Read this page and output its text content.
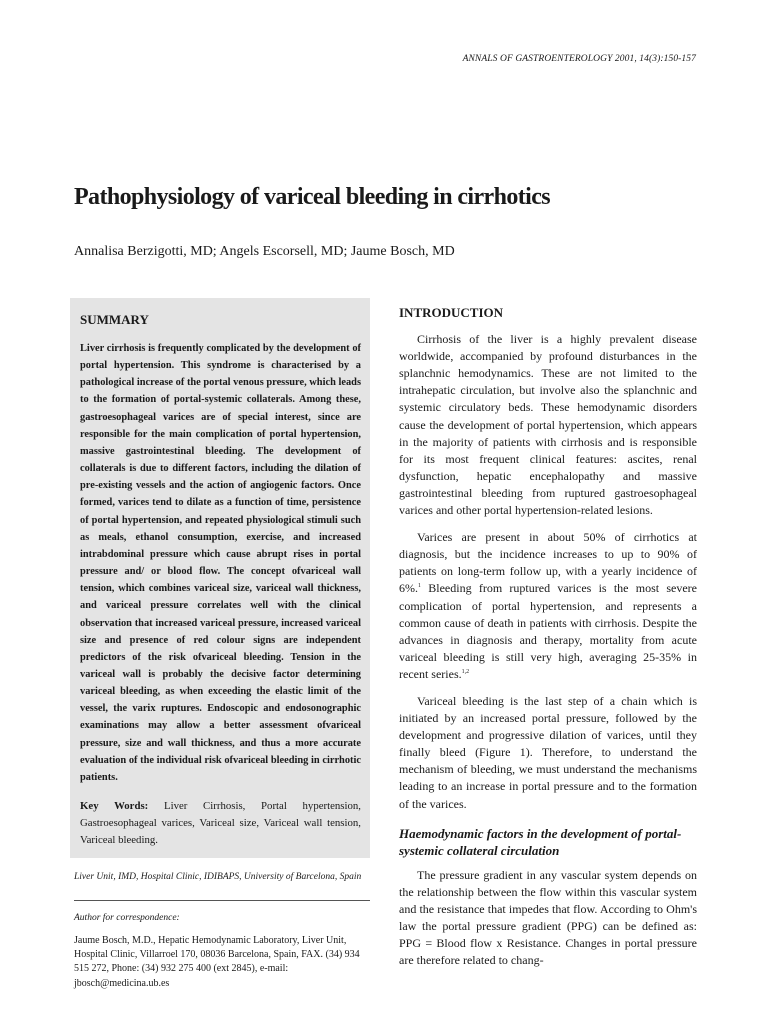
ANNALS OF GASTROENTEROLOGY 2001, 14(3):150-157
Pathophysiology of variceal bleeding in cirrhotics
Annalisa Berzigotti, MD; Angels Escorsell, MD; Jaume Bosch, MD
SUMMARY

Liver cirrhosis is frequently complicated by the development of portal hypertension. This syndrome is characterised by a pathological increase of the portal venous pressure, which leads to the formation of portal-systemic collaterals. Among these, gastroesophageal varices are of special interest, since are responsible for the main complication of portal hypertension, massive gastrointestinal bleeding. The development of collaterals is due to different factors, including the dilation of pre-existing vessels and the action of angiogenic factors. Once formed, varices tend to dilate as a function of time, persistence of portal hypertension, and repeated physiological stimuli such as meals, ethanol consumption, exercise, and increased intrabdominal pressure which cause abrupt rises in portal pressure and/ or blood flow. The concept ofvariceal wall tension, which combines variceal size, variceal wall thickness, and variceal pressure correlates well with the clinical observation that increased variceal pressure, increased variceal size and presence of red colour signs are independent predictors of the risk ofvariceal bleeding. Tension in the variceal wall is probably the decisive factor determining variceal bleeding, as when exceeding the elastic limit of the vessel, the varix ruptures. Endoscopic and endosonographic examinations may allow a better assessment ofvariceal pressure, size and wall thickness, and thus a more accurate evaluation of the individual risk ofvariceal bleeding in cirrhotic patients.

Key Words: Liver Cirrhosis, Portal hypertension, Gastroesophageal varices, Variceal size, Variceal wall tension, Variceal bleeding.

Liver Unit, IMD, Hospital Clinic, IDIBAPS, University of Barcelona, Spain

Author for correspondence:

Jaume Bosch, M.D., Hepatic Hemodynamic Laboratory, Liver Unit, Hospital Clinic, Villarroel 170, 08036 Barcelona, Spain, FAX. (34) 934 515 272, Phone: (34) 932 275 400 (ext 2845), e-mail: jbosch@medicina.ub.es

INTRODUCTION

Cirrhosis of the liver is a highly prevalent disease worldwide, accompanied by profound disturbances in the splanchnic hemodynamics. These are not limited to the intrahepatic circulation, but involve also the splanchnic and systemic circulatory beds. These hemodynamic disorders cause the development of portal hypertension, which appears in the majority of patients with cirrhosis and is responsible for its most frequent clinical features: ascites, renal dysfunction, hepatic encephalopathy and massive gastrointestinal bleeding from ruptured gastroesophageal varices and other portal hypertension-related lesions.

Varices are present in about 50% of cirrhotics at diagnosis, but the incidence increases to up to 90% of patients on long-term follow up, with a yearly incidence of 6%.$^1$ Bleeding from ruptured varices is the most severe complication of portal hypertension, and represents a common cause of death in patients with cirrhosis. Despite the advances in diagnosis and therapy, mortality from acute variceal bleeding is still very high, averaging 25-35% in recent series.$^{1,2}$

Variceal bleeding is the last step of a chain which is initiated by an increased portal pressure, followed by the development and progressive dilation of varices, until they finally bleed (Figure 1). Therefore, to understand the mechanism of bleeding, we must understand the mechanisms leading to an increase in portal pressure and to the formation of the varices.

Haemodynamic factors in the development of portal-systemic collateral circulation

The pressure gradient in any vascular system depends on the relationship between the flow within this vascular system and the resistance that impedes that flow. According to Ohm's law the portal pressure gradient (PPG) can be defined as: PPG = Blood flow x Resistance. Changes in portal pressure are therefore related to chang-
